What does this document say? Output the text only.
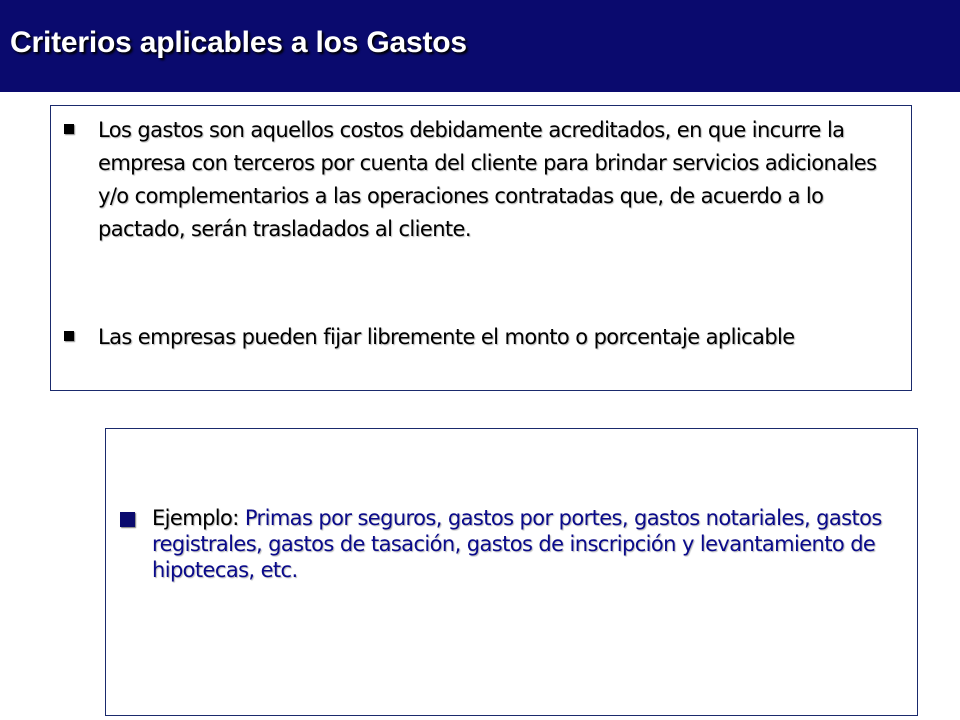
Criterios aplicables a los Gastos
Los gastos son aquellos costos debidamente acreditados, en que incurre la empresa con terceros por cuenta del cliente para brindar servicios adicionales y/o complementarios a las operaciones contratadas que, de acuerdo a lo pactado, serán trasladados al cliente.
Las empresas pueden fijar libremente el monto o porcentaje aplicable
Ejemplo: Primas por seguros, gastos por portes, gastos notariales, gastos registrales, gastos de tasación, gastos de inscripción y levantamiento de hipotecas, etc.
